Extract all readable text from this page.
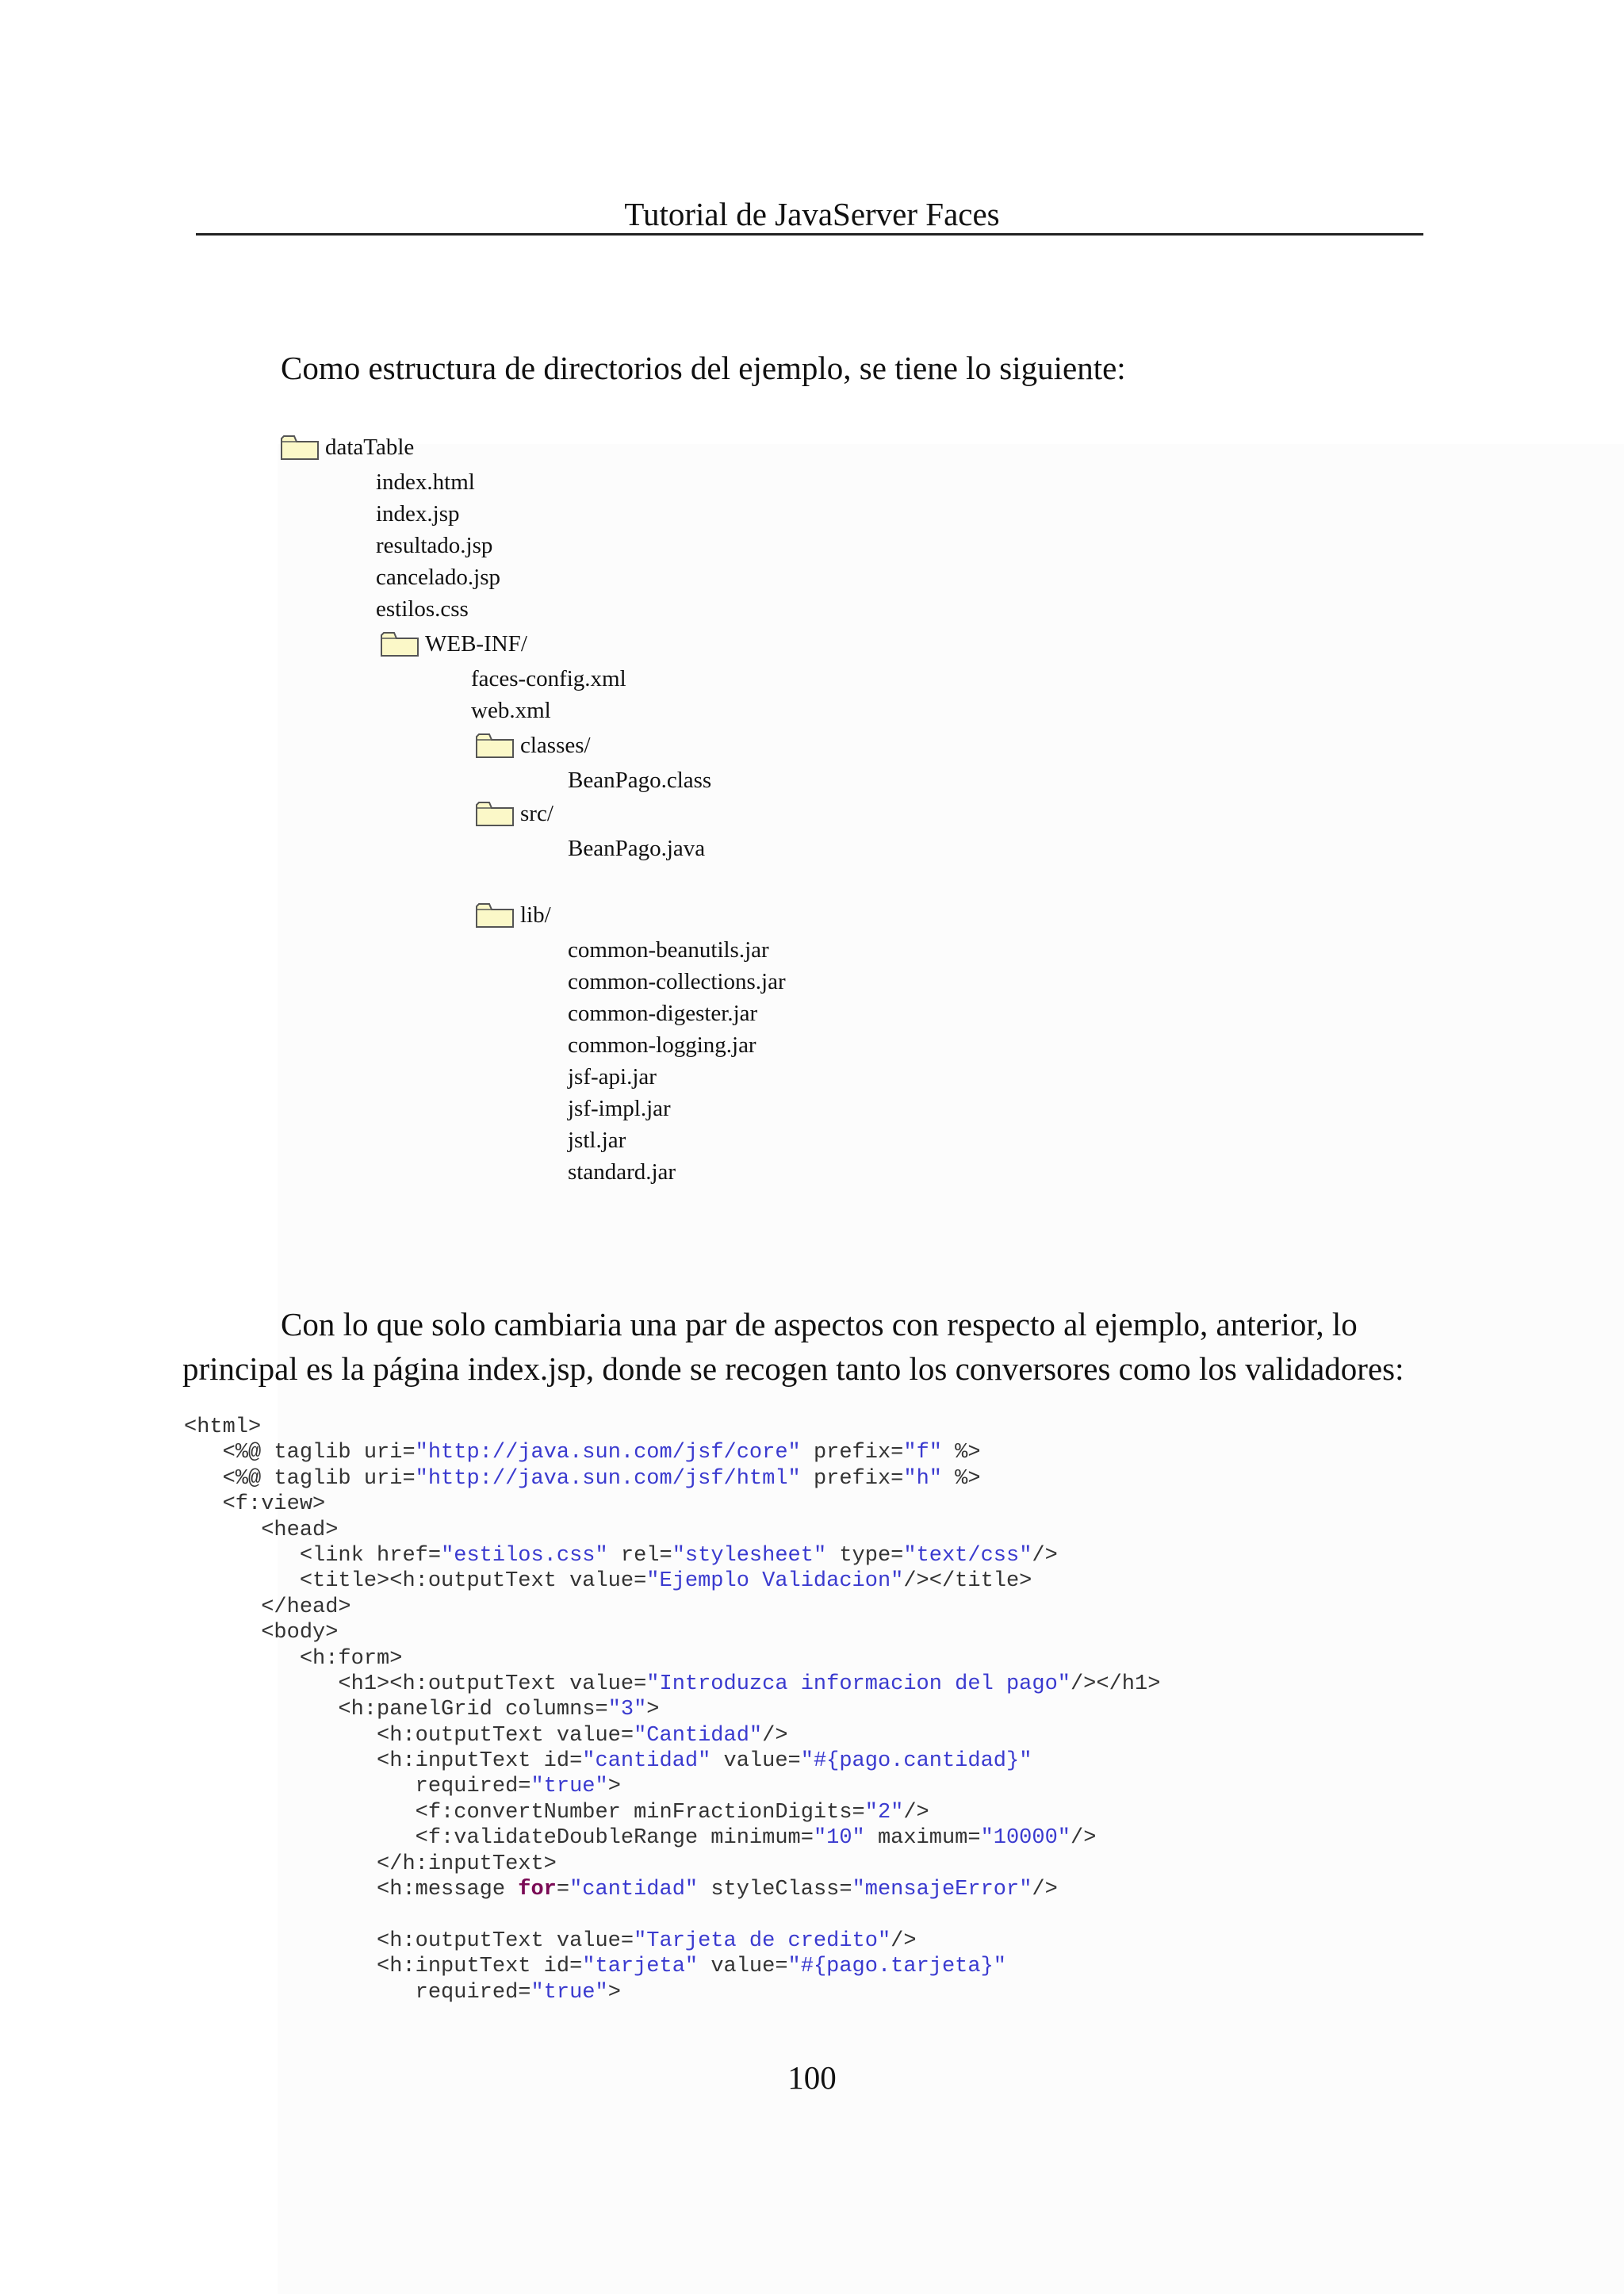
Tutorial de JavaServer Faces
Como estructura de directorios del ejemplo, se tiene lo siguiente:
dataTable
index.html
index.jsp
resultado.jsp
cancelado.jsp
estilos.css
WEB-INF/
faces-config.xml
web.xml
classes/
BeanPago.class
src/
BeanPago.java
lib/
common-beanutils.jar
common-collections.jar
common-digester.jar
common-logging.jar
jsf-api.jar
jsf-impl.jar
jstl.jar
standard.jar
Con lo que solo cambiaria una par de aspectos con respecto al ejemplo, anterior, lo
principal es la página index.jsp, donde se recogen tanto los conversores como los validadores:
<html>
<%@ taglib uri="http://java.sun.com/jsf/core" prefix="f" %>
<%@ taglib uri="http://java.sun.com/jsf/html" prefix="h" %>
<f:view>
<head>
<link href="estilos.css" rel="stylesheet" type="text/css"/>
<title><h:outputText value="Ejemplo Validacion"/></title>
</head>
<body>
<h:form>
<h1><h:outputText value="Introduzca informacion del pago"/></h1>
<h:panelGrid columns="3">
<h:outputText value="Cantidad"/>
<h:inputText id="cantidad" value="#{pago.cantidad}"
required="true">
<f:convertNumber minFractionDigits="2"/>
<f:validateDoubleRange minimum="10" maximum="10000"/>
</h:inputText>
<h:message for="cantidad" styleClass="mensajeError"/>
<h:outputText value="Tarjeta de credito"/>
<h:inputText id="tarjeta" value="#{pago.tarjeta}"
required="true">
100
